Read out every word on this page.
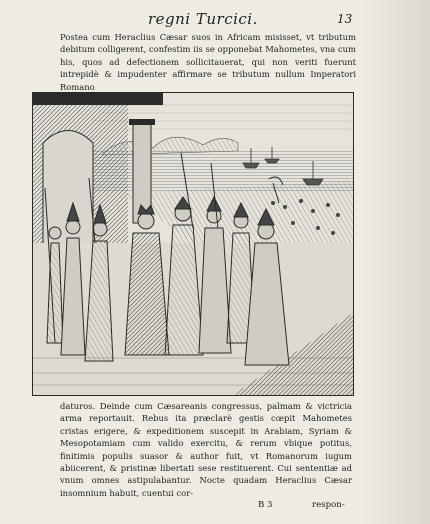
regni Turcici.	13

Postea cum Heraclius Cæsar suos in Africam misisset, vt tributum debitum colligerent, confestim iis se opponebat Mahometes, vna cum his, quos ad defectionem sollicitauerat, qui non veriti fuerunt intrepidè & impudenter affirmare se tributum nullum Imperatori Romano

daturos. Deinde cum Cæsareanis congressus, palmam & victricia arma reportauit. Rebus ita præclarè gestis cœpit Mahometes cristas erigere, & expeditionem suscepit in Arabiam, Syriam & Mesopotamiam cum valido exercitu, & rerum vbique potitus, finitimis populis suasor & author fuit, vt Romanorum iugum abiicerent, & pristinæ libertati sese restituerent. Cui sententiæ ad vnum omnes astipulabantur. Nocte quadam Heraclius Cæsar insomnium habuit, cuentui cor-

B 3	respon-
